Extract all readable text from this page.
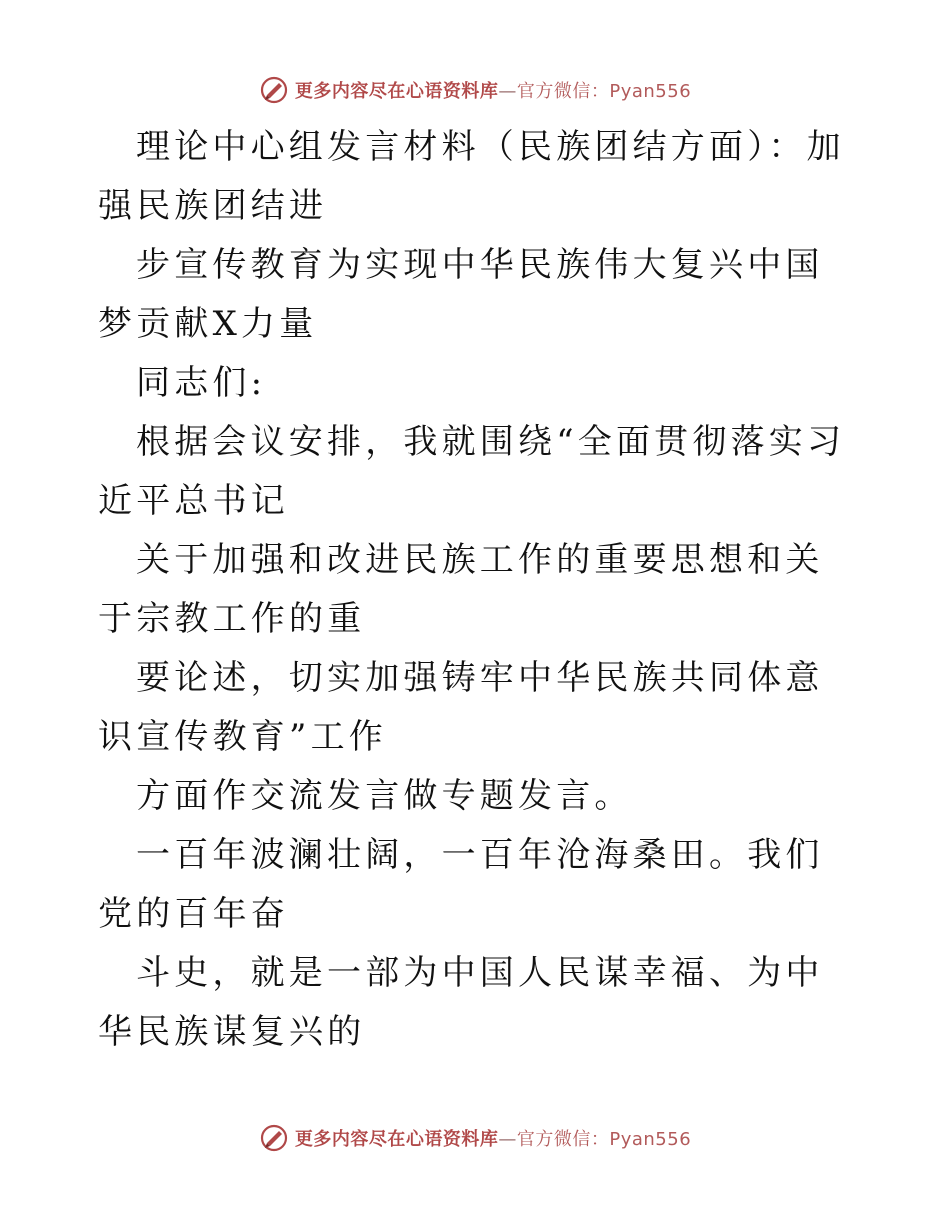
更多内容尽在心语资料库—官方微信：Pyan556

理论中心组发言材料（民族团结方面）：加强民族团结进

步宣传教育为实现中华民族伟大复兴中国梦贡献X力量

同志们:

根据会议安排，我就围绕“全面贯彻落实习近平总书记

关于加强和改进民族工作的重要思想和关于宗教工作的重

要论述，切实加强铸牢中华民族共同体意识宣传教育”工作

方面作交流发言做专题发言。

一百年波澜壮阔，一百年沧海桑田。我们党的百年奋

斗史，就是一部为中国人民谋幸福、为中华民族谋复兴的

更多内容尽在心语资料库—官方微信：Pyan556
